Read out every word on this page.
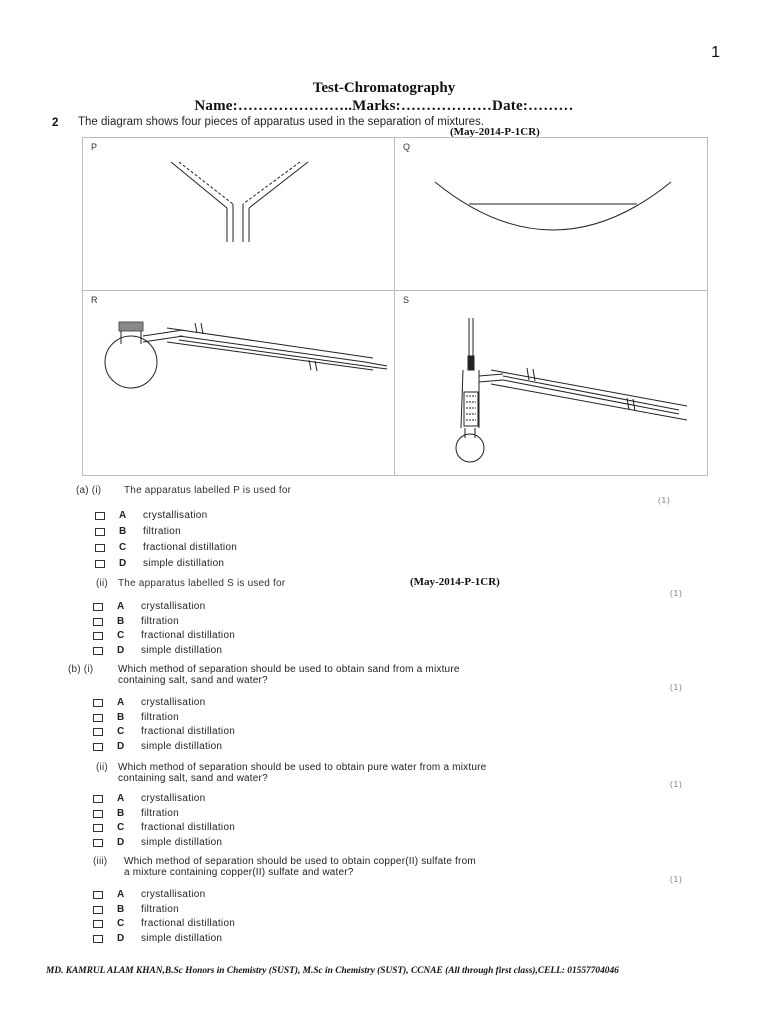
1
Test-Chromatography
Name:…………………..Marks:………………Date:………
2 The diagram shows four pieces of apparatus used in the separation of mixtures.
(May-2014-P-1CR)
P	Q
R	S
(a) (i) The apparatus labelled P is used for
(1)
A	crystallisation
B	filtration
C	fractional distillation
D	simple distillation
(ii) The apparatus labelled S is used for	(May-2014-P-1CR)
(1)
A	crystallisation
B	filtration
C	fractional distillation
D	simple distillation
(b) (i) Which method of separation should be used to obtain sand from a mixture
containing salt, sand and water?
(1)
A	crystallisation
B	filtration
C	fractional distillation
D	simple distillation
(ii) Which method of separation should be used to obtain pure water from a mixture
containing salt, sand and water?
(1)
A	crystallisation
B	filtration
C	fractional distillation
D	simple distillation
(iii) Which method of separation should be used to obtain copper(II) sulfate from
a mixture containing copper(II) sulfate and water?
(1)
A	crystallisation
B	filtration
C	fractional distillation
D	simple distillation
MD. KAMRUL ALAM KHAN,B.Sc Honors in Chemistry (SUST), M.Sc in Chemistry (SUST), CCNAE (All through first class),CELL: 01557704046
